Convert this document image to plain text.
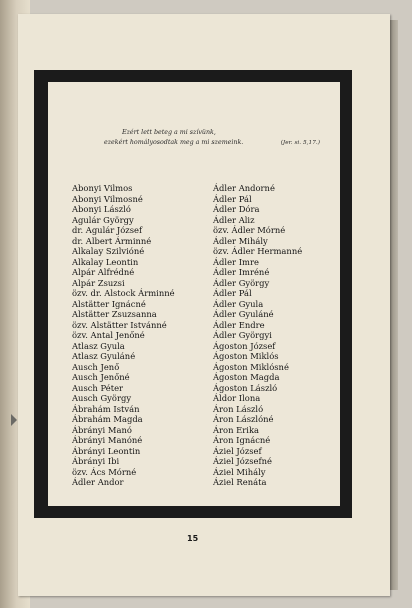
Ezért lett beteg a mi szívünk,
ezekért homályosodtak meg a mi szemeink.	(Jer. si. 5,17.)
Abonyi Vilmos
Abonyi Vilmosné
Abonyi László
Agulár György
dr. Agulár József
dr. Albert Árminné
Alkalay Szilvióné
Alkalay Leontin
Alpár Alfrédné
Alpár Zsuzsi
özv. dr. Alstock Árminné
Alstätter Ignácné
Alstätter Zsuzsanna
özv. Alstätter Istvánné
özv. Antal Jenőné
Atlasz Gyula
Atlasz Gyuláné
Ausch Jenő
Ausch Jenőné
Ausch Péter
Ausch György
Ábrahám István
Ábrahám Magda
Ábrányi Manó
Ábrányi Manóné
Ábrányi Leontin
Ábrányi Ibi
özv. Ács Mórné
Ádler Andor
Ádler Andorné
Ádler Pál
Ádler Dóra
Ádler Aliz
özv. Ádler Mórné
Ádler Mihály
özv. Ádler Hermanné
Ádler Imre
Ádler Imréné
Ádler György
Ádler Pál
Ádler Gyula
Ádler Gyuláné
Ádler Endre
Ádler Györgyi
Ágoston József
Ágoston Miklós
Ágoston Miklósné
Ágoston Magda
Ágoston László
Áldor Ilona
Áron László
Áron Lászlóné
Áron Erika
Áron Ignácné
Áziel József
Áziel Józsefné
Áziel Mihály
Áziel Renáta
15
